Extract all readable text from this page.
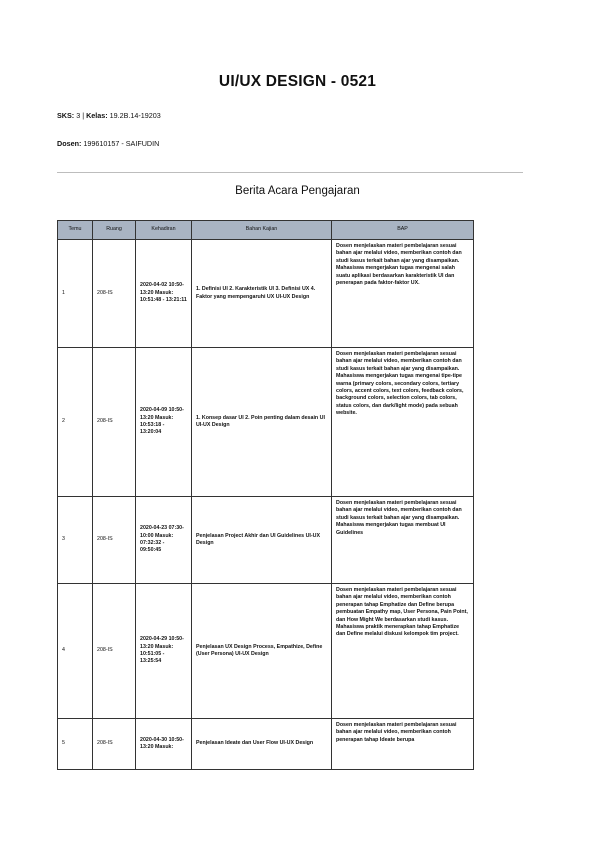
UI/UX DESIGN - 0521
SKS: 3 | Kelas: 19.2B.14-19203
Dosen: 199610157 - SAIFUDIN
Berita Acara Pengajaran
Temu	Ruang	Kehadiran	Bahan Kajian	BAP
1	208-IS	2020-04-02 10:50-13:20 Masuk: 10:51:48 - 13:21:11	1. Definisi UI 2. Karakteristik UI 3. Definisi UX 4. Faktor yang mempengaruhi UX UI-UX Design	Dosen menjelaskan materi pembelajaran sesuai bahan ajar melalui video, memberikan contoh dan studi kasus terkait bahan ajar yang disampaikan. Mahasiswa mengerjakan tugas mengenai salah suatu aplikasi berdasarkan karakteristik UI dan penerapan pada faktor-faktor UX.
2	208-IS	2020-04-09 10:50-13:20 Masuk: 10:53:18 - 13:20:04	1. Konsep dasar UI 2. Poin penting dalam desain UI UI-UX Design	Dosen menjelaskan materi pembelajaran sesuai bahan ajar melalui video, memberikan contoh dan studi kasus terkait bahan ajar yang disampaikan. Mahasiswa mengerjakan tugas mengenai tipe-tipe warna (primary colors, secondary colors, tertiary colors, accent colors, text colors, feedback colors, background colors, selection colors, tab colors, status colors, dan dark/light mode) pada sebuah website.
3	208-IS	2020-04-23 07:30-10:00 Masuk: 07:32:32 - 09:50:45	Penjelasan Project Akhir dan UI Guidelines UI-UX Design	Dosen menjelaskan materi pembelajaran sesuai bahan ajar melalui video, memberikan contoh dan studi kasus terkait bahan ajar yang disampaikan. Mahasiswa mengerjakan tugas membuat UI Guidelines
4	208-IS	2020-04-29 10:50-13:20 Masuk: 10:51:05 - 13:25:54	Penjelasan UX Design Process, Empathize, Define (User Persona) UI-UX Design	Dosen menjelaskan materi pembelajaran sesuai bahan ajar melalui video, memberikan contoh penerapan tahap Emphatize dan Define berupa pembuatan Empathy map, User Persona, Pain Point, dan How Might We berdasarkan studi kasus. Mahasiswa praktik menerapkan tahap Emphatize dan Define melalui diskusi kelompok tim project.
5	208-IS	2020-04-30 10:50-13:20 Masuk:	Penjelasan Ideate dan User Flow UI-UX Design	Dosen menjelaskan materi pembelajaran sesuai bahan ajar melalui video, memberikan contoh penerapan tahap Ideate berupa
